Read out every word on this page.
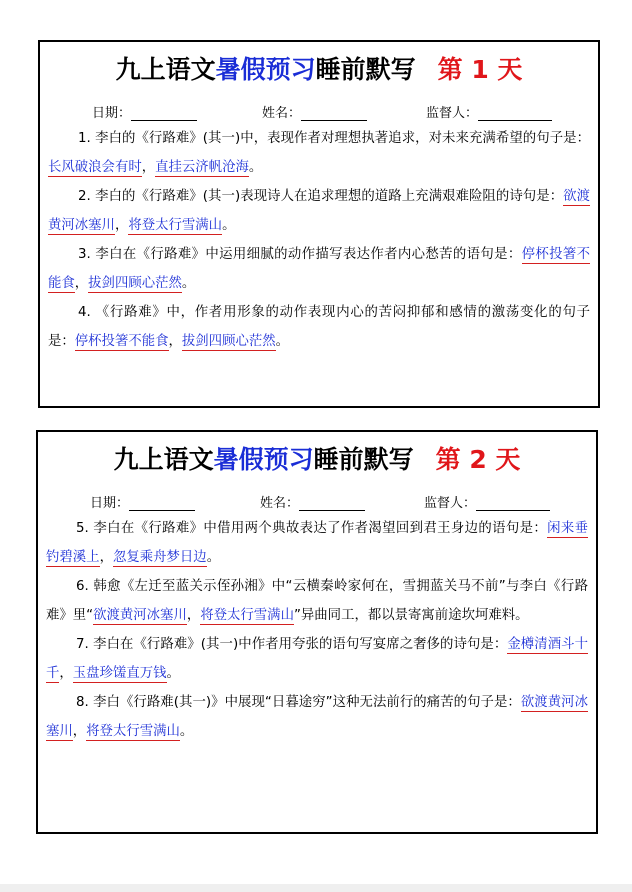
九上语文暑假预习睡前默写 第 1 天
日期：	姓名：	监督人：

1. 李白的《行路难》(其一)中，表现作者对理想执著追求，对未来充满希望的句子是：长风破浪会有时，直挂云济帆沧海。

2. 李白的《行路难》(其一)表现诗人在追求理想的道路上充满艰难险阻的诗句是：欲渡黄河冰塞川，将登太行雪满山。

3. 李白在《行路难》中运用细腻的动作描写表达作者内心愁苦的语句是：停杯投箸不能食，拔剑四顾心茫然。

4. 《行路难》中，作者用形象的动作表现内心的苦闷抑郁和感情的激荡变化的句子是：停杯投箸不能食，拔剑四顾心茫然。

九上语文暑假预习睡前默写 第 2 天
日期：	姓名：	监督人：

5. 李白在《行路难》中借用两个典故表达了作者渴望回到君王身边的语句是：闲来垂钓碧溪上，忽复乘舟梦日边。

6. 韩愈《左迁至蓝关示侄孙湘》中“云横秦岭家何在，雪拥蓝关马不前”与李白《行路难》里“欲渡黄河冰塞川，将登太行雪满山”异曲同工，都以景寄寓前途坎坷难料。

7. 李白在《行路难》(其一)中作者用夸张的语句写宴席之奢侈的诗句是：金樽清酒斗十千，玉盘珍馐直万钱。

8. 李白《行路难(其一)》中展现“日暮途穷”这种无法前行的痛苦的句子是：欲渡黄河冰塞川，将登太行雪满山。
